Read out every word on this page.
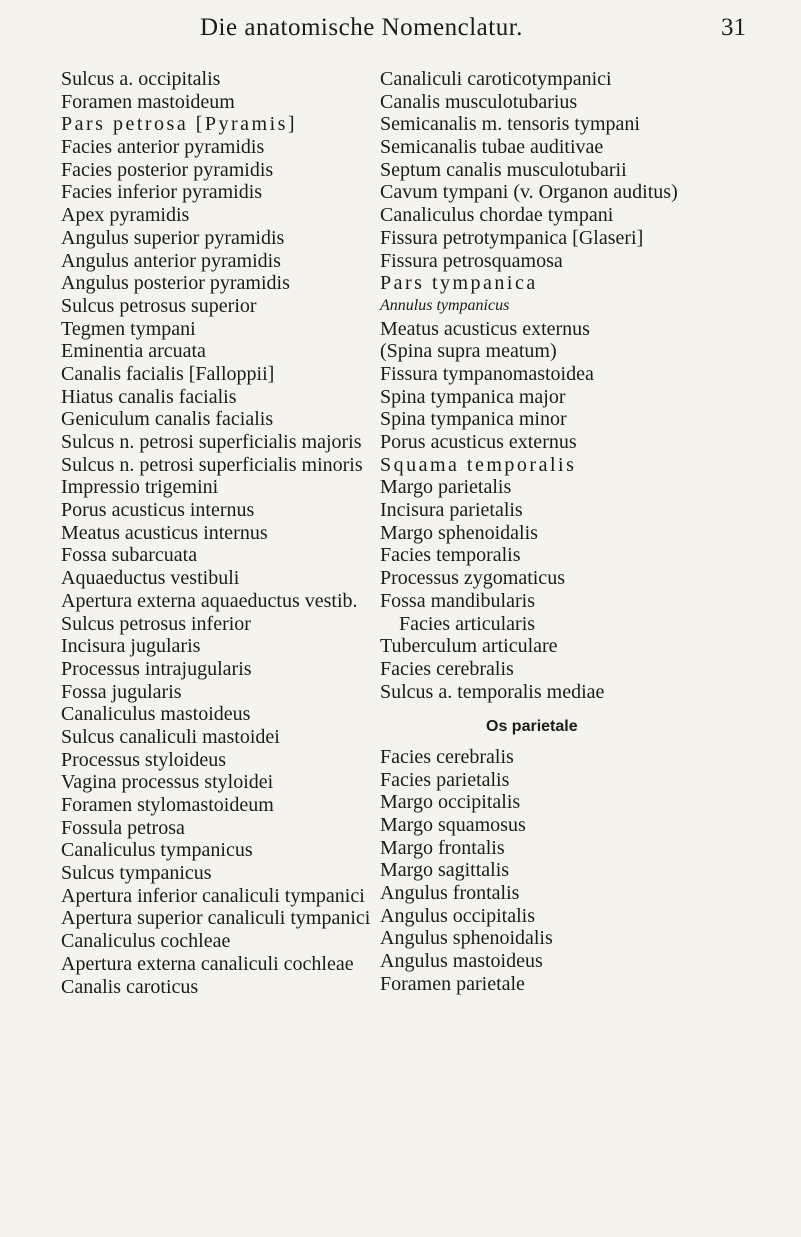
Die anatomische Nomenclatur.	31
Sulcus a. occipitalis
Foramen mastoideum
Pars petrosa [Pyramis]
Facies anterior pyramidis
Facies posterior pyramidis
Facies inferior pyramidis
Apex pyramidis
Angulus superior pyramidis
Angulus anterior pyramidis
Angulus posterior pyramidis
Sulcus petrosus superior
Tegmen tympani
Eminentia arcuata
Canalis facialis [Falloppii]
Hiatus canalis facialis
Geniculum canalis facialis
Sulcus n. petrosi superficialis majoris
Sulcus n. petrosi superficialis minoris
Impressio trigemini
Porus acusticus internus
Meatus acusticus internus
Fossa subarcuata
Aquaeductus vestibuli
Apertura externa aquaeductus vestib.
Sulcus petrosus inferior
Incisura jugularis
Processus intrajugularis
Fossa jugularis
Canaliculus mastoideus
Sulcus canaliculi mastoidei
Processus styloideus
Vagina processus styloidei
Foramen stylomastoideum
Fossula petrosa
Canaliculus tympanicus
Sulcus tympanicus
Apertura inferior canaliculi tympanici
Apertura superior canaliculi tympanici
Canaliculus cochleae
Apertura externa canaliculi cochleae
Canalis caroticus
Canaliculi caroticotympanici
Canalis musculotubarius
Semicanalis m. tensoris tympani
Semicanalis tubae auditivae
Septum canalis musculotubarii
Cavum tympani (v. Organon auditus)
Canaliculus chordae tympani
Fissura petrotympanica [Glaseri]
Fissura petrosquamosa
Pars tympanica
Annulus tympanicus
Meatus acusticus externus
(Spina supra meatum)
Fissura tympanomastoidea
Spina tympanica major
Spina tympanica minor
Porus acusticus externus
Squama temporalis
Margo parietalis
Incisura parietalis
Margo sphenoidalis
Facies temporalis
Processus zygomaticus
Fossa mandibularis
Facies articularis
Tuberculum articulare
Facies cerebralis
Sulcus a. temporalis mediae
Os parietale
Facies cerebralis
Facies parietalis
Margo occipitalis
Margo squamosus
Margo frontalis
Margo sagittalis
Angulus frontalis
Angulus occipitalis
Angulus sphenoidalis
Angulus mastoideus
Foramen parietale
